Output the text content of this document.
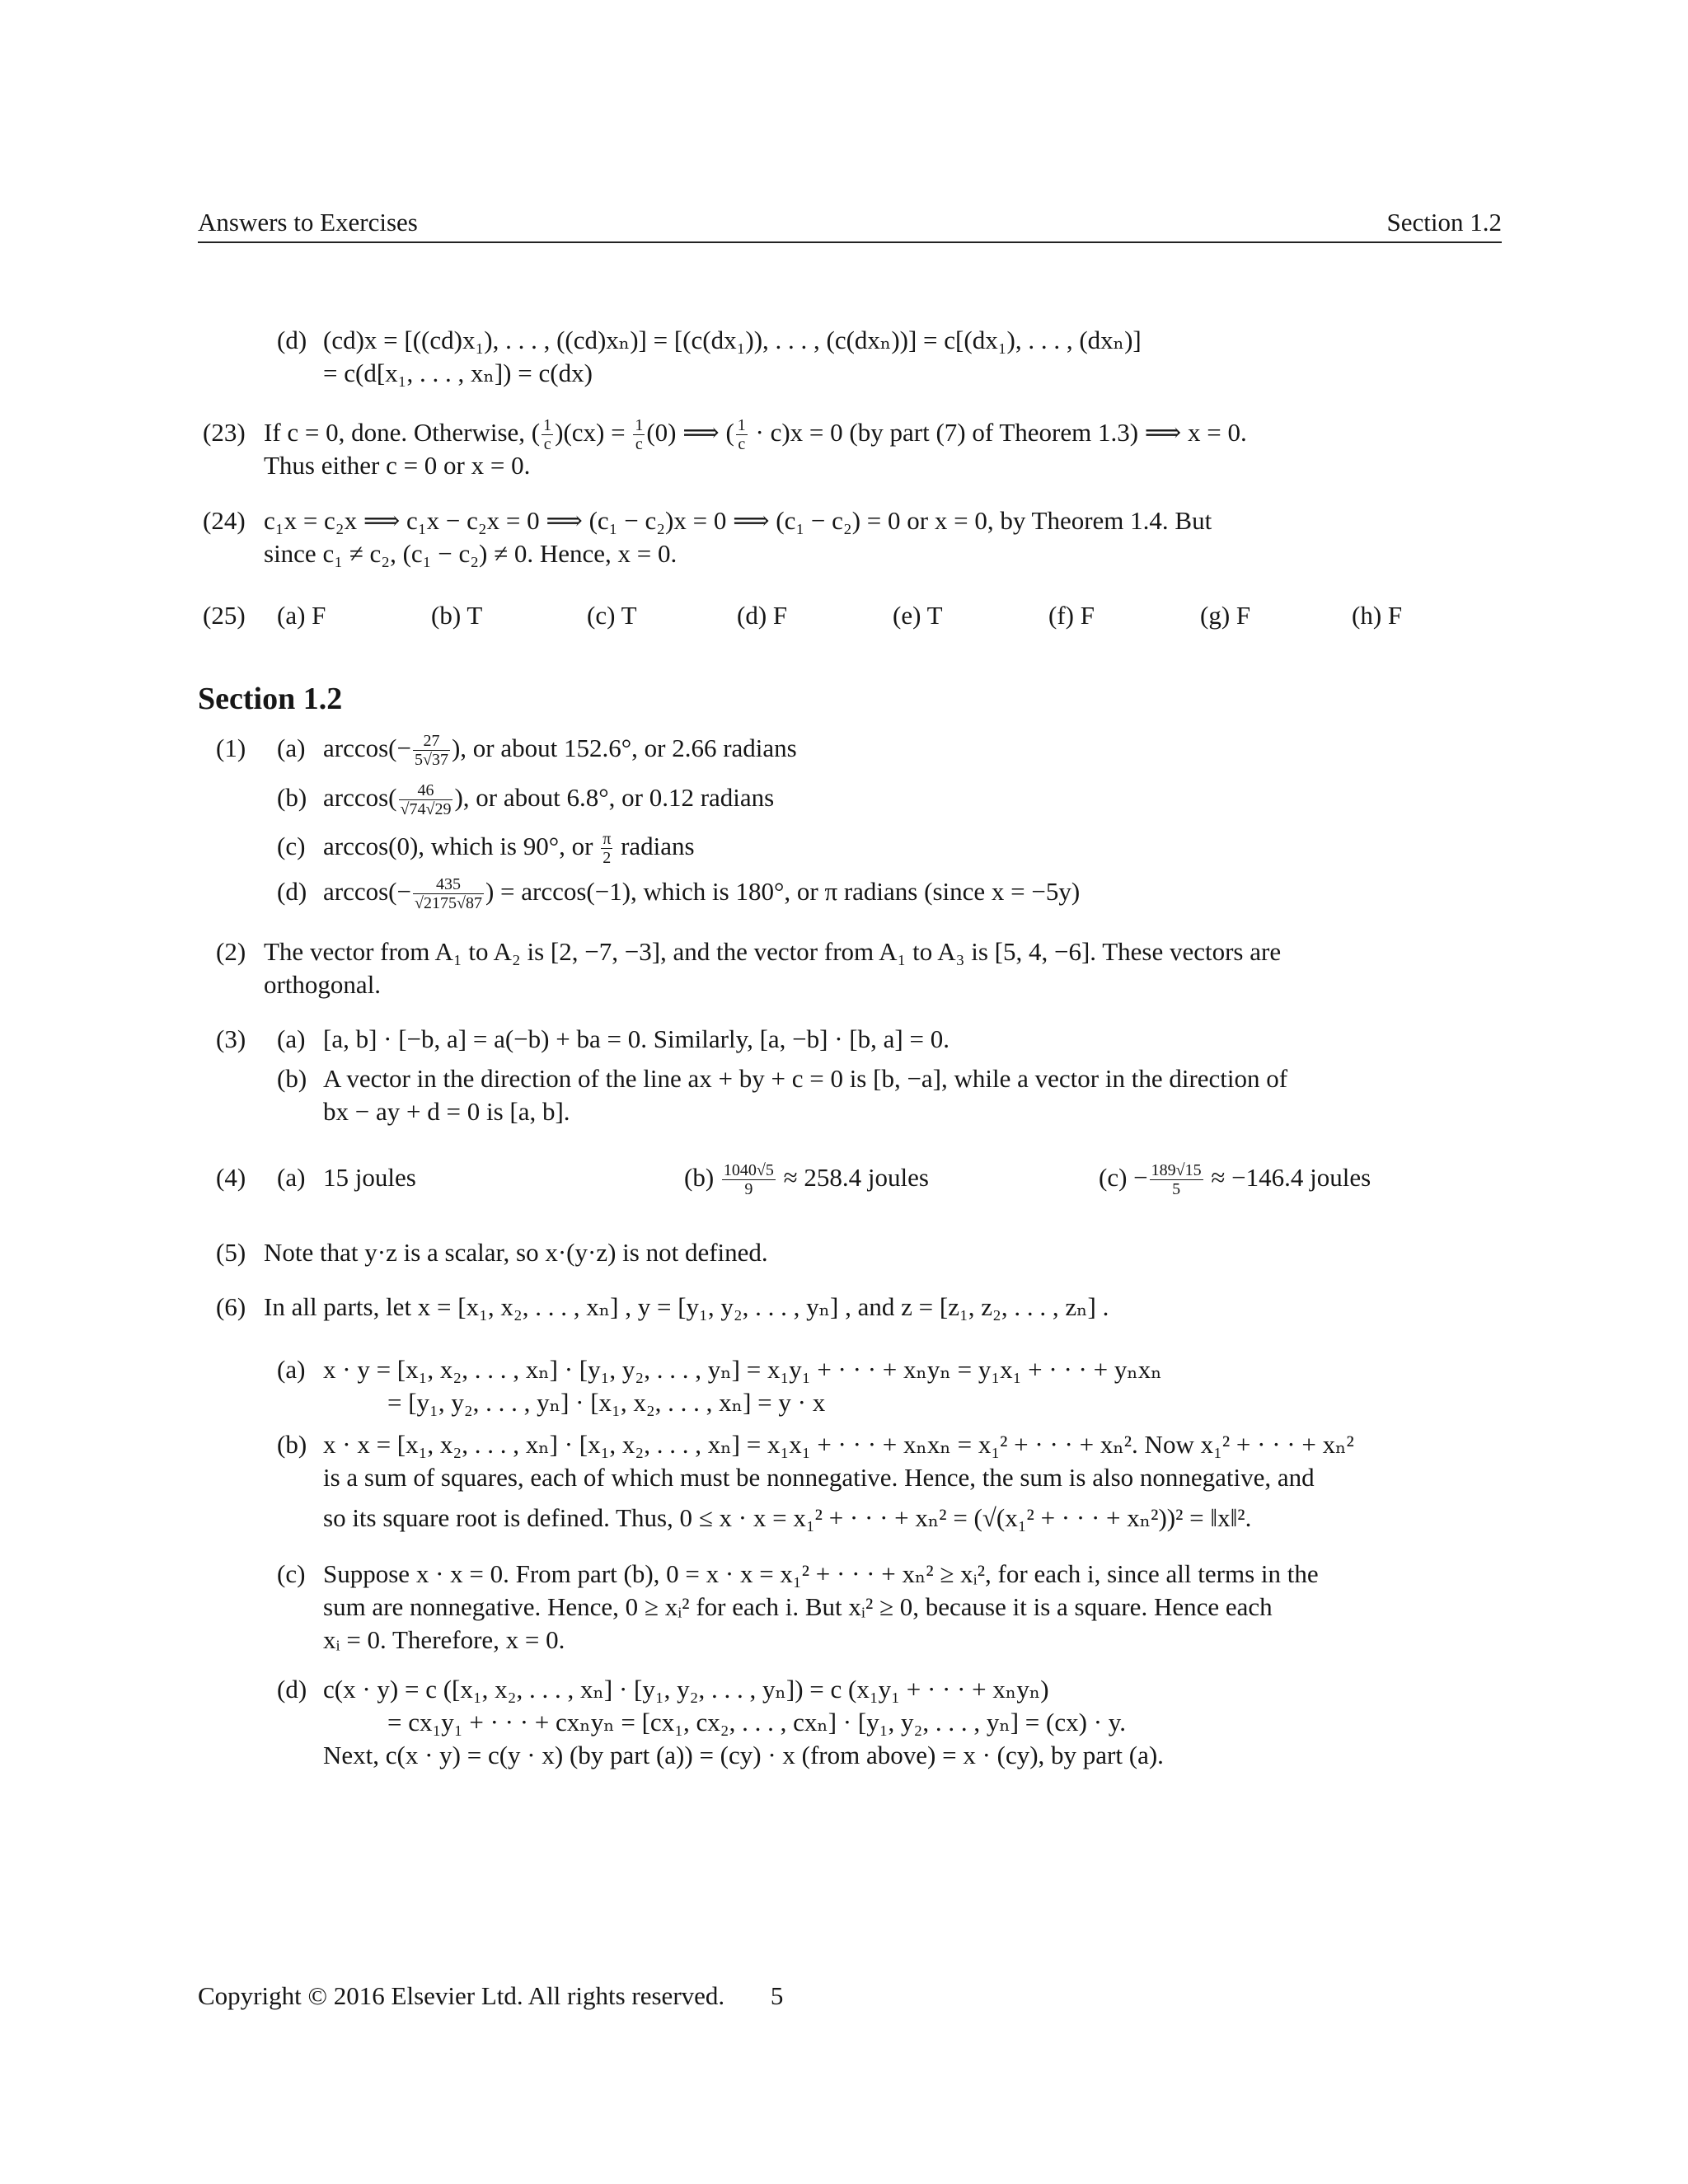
Answers to Exercises	Section 1.2
(d) (cd)x = [((cd)x₁), . . . , ((cd)xₙ)] = [(c(dx₁)), . . . , (c(dxₙ))] = c[(dx₁), . . . , (dxₙ)]
= c(d[x₁, . . . , xₙ]) = c(dx)
(23) If c = 0, done. Otherwise, ( $\frac{1}{c} )(cx) = \frac{1}{c} (0)$ ⟹ ( $\frac{1}{c} \cdot c)x = 0$ (by part (7) of Theorem 1.3) ⟹ x = 0.
Thus either c = 0 or x = 0.
(24) c₁x = c₂x ⟹ c₁x − c₂x = 0 ⟹ (c₁ − c₂)x = 0 ⟹ (c₁ − c₂) = 0 or x = 0, by Theorem 1.4. But
since c₁ ≠ c₂, (c₁ − c₂) ≠ 0. Hence, x = 0.
(25) (a) F	(b) T	(c) T	(d) F	(e) T	(f) F	(g) F	(h) F
Section 1.2
(1) (a) $\arccos(- \frac{27}{5√37}$ ), or about 152.6°, or 2.66 radians
(b) $\arccos( \frac{46}{√74√29}$ ), or about 6.8°, or 0.12 radians
(c) arccos(0), which is 90°, or $\frac{\pi}{2}$ radians
(d) $\arccos(- \frac{435}{√2175√87}$ ) = arccos(−1), which is 180°, or π radians (since x = −5y)
(2) The vector from A₁ to A₂ is [2, −7, −3], and the vector from A₁ to A₃ is [5, 4, −6]. These vectors are
orthogonal.
(3) (a) [a, b] · [−b, a] = a(−b) + ba = 0. Similarly, [a, −b] · [b, a] = 0.
(b) A vector in the direction of the line ax + by + c = 0 is [b, −a], while a vector in the direction of
bx − ay + d = 0 is [a, b].
(4) (a) 15 joules	$(b) \frac{1040√5}{9} \approx 258.4$ joules	$(c) - \frac{189√15}{5} \approx -146.4$ joules
(5) Note that y·z is a scalar, so x·(y·z) is not defined.
(6) In all parts, let x = [x₁, x₂, . . . , xₙ] , y = [y₁, y₂, . . . , yₙ] , and z = [z₁, z₂, . . . , zₙ] .
(a) x · y = [x₁, x₂, . . . , xₙ] · [y₁, y₂, . . . , yₙ] = x₁y₁ + · · · + xₙyₙ = y₁x₁ + · · · + yₙxₙ
= [y₁, y₂, . . . , yₙ] · [x₁, x₂, . . . , xₙ] = y · x
(b) x · x = [x₁, x₂, . . . , xₙ] · [x₁, x₂, . . . , xₙ] = x₁x₁ + · · · + xₙxₙ = x₁² + · · · + xₙ². Now x₁² + · · · + xₙ²
is a sum of squares, each of which must be nonnegative. Hence, the sum is also nonnegative, and
so its square root is defined. Thus, 0 ≤ x · x = x₁² + · · · + xₙ² = (√(x₁² + · · · + xₙ²))² = ‖x‖².
(c) Suppose x · x = 0. From part (b), 0 = x · x = x₁² + · · · + xₙ² ≥ xᵢ², for each i, since all terms in the
sum are nonnegative. Hence, 0 ≥ xᵢ² for each i. But xᵢ² ≥ 0, because it is a square. Hence each
xᵢ = 0. Therefore, x = 0.
(d) c(x · y) = c ([x₁, x₂, . . . , xₙ] · [y₁, y₂, . . . , yₙ]) = c (x₁y₁ + · · · + xₙyₙ)
= cx₁y₁ + · · · + cxₙyₙ = [cx₁, cx₂, . . . , cxₙ] · [y₁, y₂, . . . , yₙ] = (cx) · y.
Next, c(x · y) = c(y · x) (by part (a)) = (cy) · x (from above) = x · (cy), by part (a).
Copyright © 2016 Elsevier Ltd. All rights reserved. 5
